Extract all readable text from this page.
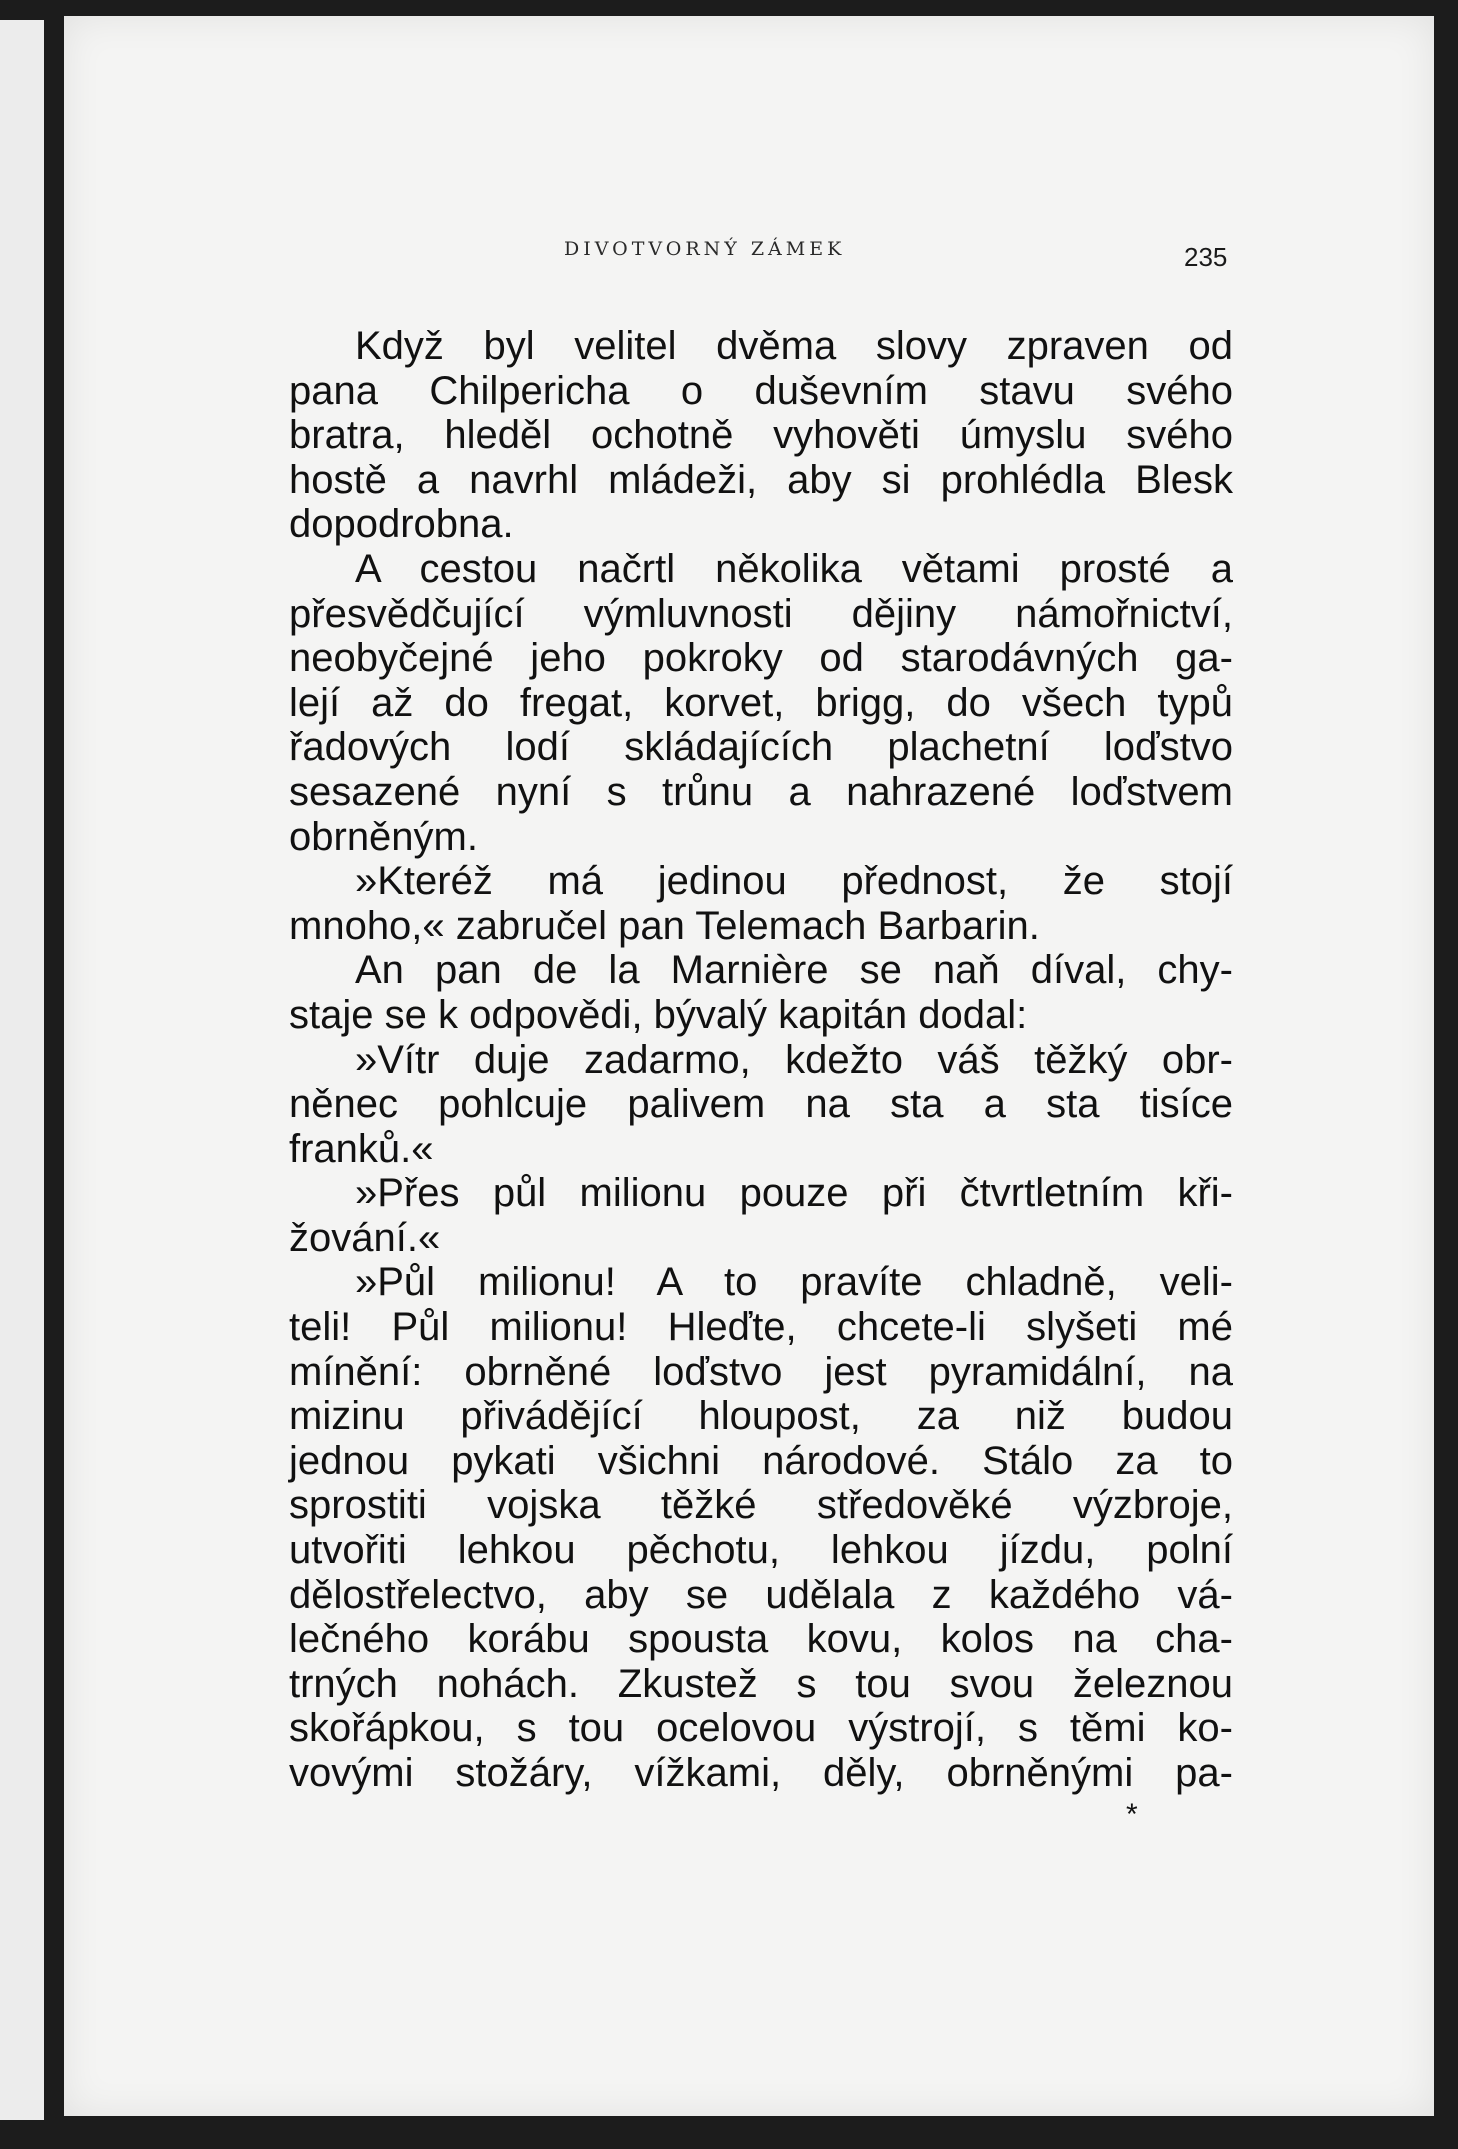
DIVOTVORNÝ ZÁMEK	235
Když byl velitel dvěma slovy zpraven od
pana Chilpericha o duševním stavu svého
bratra, hleděl ochotně vyhověti úmyslu svého
hostě a navrhl mládeži, aby si prohlédla Blesk
dopodrobna.
A cestou načrtl několika větami prosté a
přesvědčující výmluvnosti dějiny námořnictví,
neobyčejné jeho pokroky od starodávných ga-
lejí až do fregat, korvet, brigg, do všech typů
řadových lodí skládajících plachetní loďstvo
sesazené nyní s trůnu a nahrazené loďstvem
obrněným.
»Kteréž má jedinou přednost, že stojí
mnoho,« zabručel pan Telemach Barbarin.
An pan de la Marnière se naň díval, chy-
staje se k odpovědi, bývalý kapitán dodal:
»Vítr duje zadarmo, kdežto váš těžký obr-
něnec pohlcuje palivem na sta a sta tisíce
franků.«
»Přes půl milionu pouze při čtvrtletním kři-
žování.«
»Půl milionu! A to pravíte chladně, veli-
teli! Půl milionu! Hleďte, chcete-li slyšeti mé
mínění: obrněné loďstvo jest pyramidální, na
mizinu přivádějící hloupost, za niž budou
jednou pykati všichni národové. Stálo za to
sprostiti vojska těžké středověké výzbroje,
utvořiti lehkou pěchotu, lehkou jízdu, polní
dělostřelectvo, aby se udělala z každého vá-
lečného korábu spousta kovu, kolos na cha-
trných nohách. Zkustež s tou svou železnou
skořápkou, s tou ocelovou výstrojí, s těmi ko-
vovými stožáry, vížkami, děly, obrněnými pa-
*
